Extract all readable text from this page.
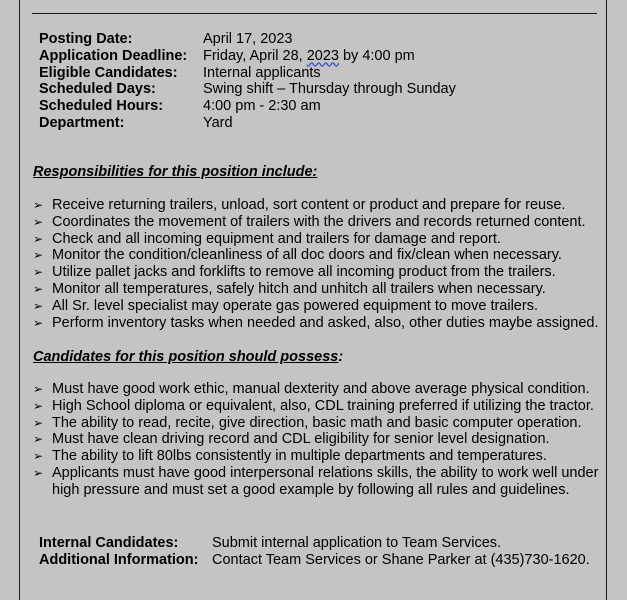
Posting Date:	April 17, 2023
Application Deadline:	Friday, April 28, 2023 by 4:00 pm
Eligible Candidates:	Internal applicants
Scheduled Days:	Swing shift – Thursday through Sunday
Scheduled Hours:	4:00 pm - 2:30 am
Department:	Yard
Responsibilities for this position include:
➢ Receive returning trailers, unload, sort content or product and prepare for reuse.
➢ Coordinates the movement of trailers with the drivers and records returned content.
➢ Check and all incoming equipment and trailers for damage and report.
➢ Monitor the condition/cleanliness of all doc doors and fix/clean when necessary.
➢ Utilize pallet jacks and forklifts to remove all incoming product from the trailers.
➢ Monitor all temperatures, safely hitch and unhitch all trailers when necessary.
➢ All Sr. level specialist may operate gas powered equipment to move trailers.
➢ Perform inventory tasks when needed and asked, also, other duties maybe assigned.
Candidates for this position should possess:
➢ Must have good work ethic, manual dexterity and above average physical condition.
➢ High School diploma or equivalent, also, CDL training preferred if utilizing the tractor.
➢ The ability to read, recite, give direction, basic math and basic computer operation.
➢ Must have clean driving record and CDL eligibility for senior level designation.
➢ The ability to lift 80lbs consistently in multiple departments and temperatures.
➢ Applicants must have good interpersonal relations skills, the ability to work well under high pressure and must set a good example by following all rules and guidelines.
Internal Candidates:	Submit internal application to Team Services.
Additional Information: Contact Team Services or Shane Parker at (435)730-1620.
